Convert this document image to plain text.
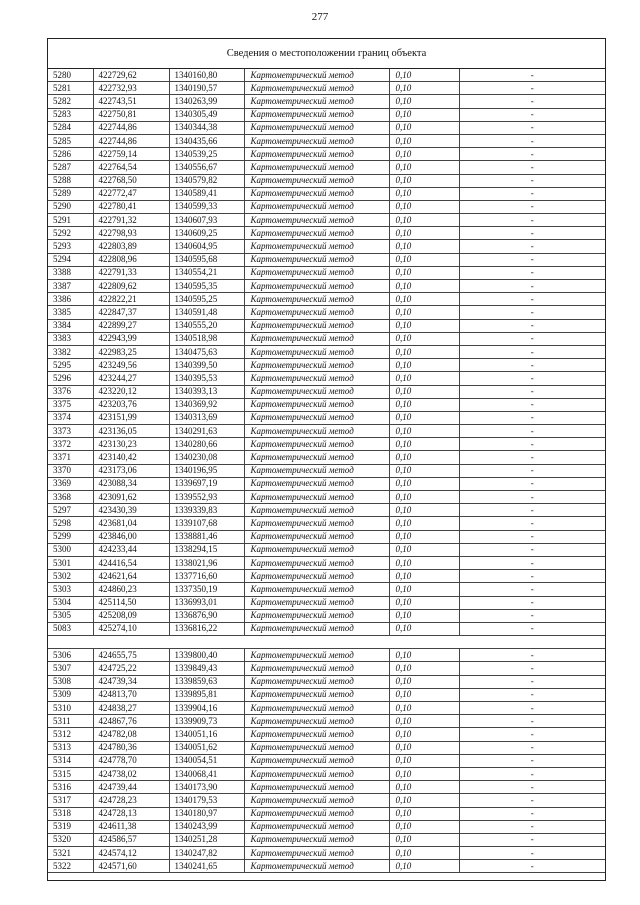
277
Сведения о местоположении границ объекта
5280	422729,62	1340160,80	Картометрический метод	0,10	-
5281	422732,93	1340190,57	Картометрический метод	0,10	-
5282	422743,51	1340263,99	Картометрический метод	0,10	-
5283	422750,81	1340305,49	Картометрический метод	0,10	-
5284	422744,86	1340344,38	Картометрический метод	0,10	-
5285	422744,86	1340435,66	Картометрический метод	0,10	-
5286	422759,14	1340539,25	Картометрический метод	0,10	-
5287	422764,54	1340556,67	Картометрический метод	0,10	-
5288	422768,50	1340579,82	Картометрический метод	0,10	-
5289	422772,47	1340589,41	Картометрический метод	0,10	-
5290	422780,41	1340599,33	Картометрический метод	0,10	-
5291	422791,32	1340607,93	Картометрический метод	0,10	-
5292	422798,93	1340609,25	Картометрический метод	0,10	-
5293	422803,89	1340604,95	Картометрический метод	0,10	-
5294	422808,96	1340595,68	Картометрический метод	0,10	-
3388	422791,33	1340554,21	Картометрический метод	0,10	-
3387	422809,62	1340595,35	Картометрический метод	0,10	-
3386	422822,21	1340595,25	Картометрический метод	0,10	-
3385	422847,37	1340591,48	Картометрический метод	0,10	-
3384	422899,27	1340555,20	Картометрический метод	0,10	-
3383	422943,99	1340518,98	Картометрический метод	0,10	-
3382	422983,25	1340475,63	Картометрический метод	0,10	-
5295	423249,56	1340399,50	Картометрический метод	0,10	-
5296	423244,27	1340395,53	Картометрический метод	0,10	-
3376	423220,12	1340393,13	Картометрический метод	0,10	-
3375	423203,76	1340369,92	Картометрический метод	0,10	-
3374	423151,99	1340313,69	Картометрический метод	0,10	-
3373	423136,05	1340291,63	Картометрический метод	0,10	-
3372	423130,23	1340280,66	Картометрический метод	0,10	-
3371	423140,42	1340230,08	Картометрический метод	0,10	-
3370	423173,06	1340196,95	Картометрический метод	0,10	-
3369	423088,34	1339697,19	Картометрический метод	0,10	-
3368	423091,62	1339552,93	Картометрический метод	0,10	-
5297	423430,39	1339339,83	Картометрический метод	0,10	-
5298	423681,04	1339107,68	Картометрический метод	0,10	-
5299	423846,00	1338881,46	Картометрический метод	0,10	-
5300	424233,44	1338294,15	Картометрический метод	0,10	-
5301	424416,54	1338021,96	Картометрический метод	0,10	-
5302	424621,64	1337716,60	Картометрический метод	0,10	-
5303	424860,23	1337350,19	Картометрический метод	0,10	-
5304	425114,50	1336993,01	Картометрический метод	0,10	-
5305	425208,09	1336876,90	Картометрический метод	0,10	-
5083	425274,10	1336816,22	Картометрический метод	0,10	-

5306	424655,75	1339800,40	Картометрический метод	0,10	-
5307	424725,22	1339849,43	Картометрический метод	0,10	-
5308	424739,34	1339859,63	Картометрический метод	0,10	-
5309	424813,70	1339895,81	Картометрический метод	0,10	-
5310	424838,27	1339904,16	Картометрический метод	0,10	-
5311	424867,76	1339909,73	Картометрический метод	0,10	-
5312	424782,08	1340051,16	Картометрический метод	0,10	-
5313	424780,36	1340051,62	Картометрический метод	0,10	-
5314	424778,70	1340054,51	Картометрический метод	0,10	-
5315	424738,02	1340068,41	Картометрический метод	0,10	-
5316	424739,44	1340173,90	Картометрический метод	0,10	-
5317	424728,23	1340179,53	Картометрический метод	0,10	-
5318	424728,13	1340180,97	Картометрический метод	0,10	-
5319	424611,38	1340243,99	Картометрический метод	0,10	-
5320	424586,57	1340251,28	Картометрический метод	0,10	-
5321	424574,12	1340247,82	Картометрический метод	0,10	-
5322	424571,60	1340241,65	Картометрический метод	0,10	-
